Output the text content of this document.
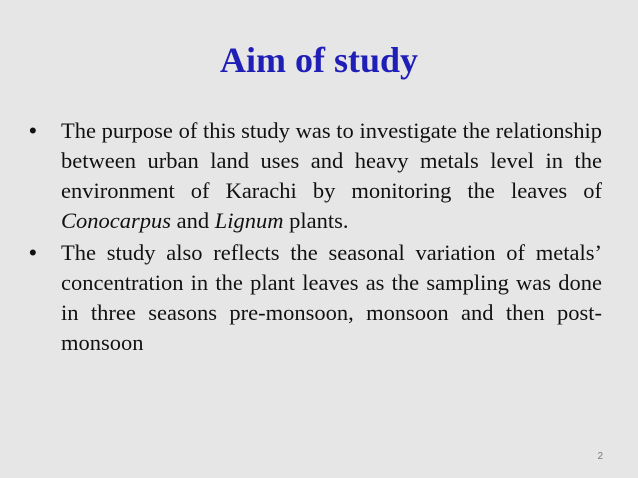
Aim of study
• The purpose of this study was to investigate the relationship between urban land uses and heavy metals level in the environment of Karachi by monitoring the leaves of Conocarpus and Lignum plants.
• The study also reflects the seasonal variation of metals’ concentration in the plant leaves as the sampling was done in three seasons pre-monsoon, monsoon and then post-monsoon
2
